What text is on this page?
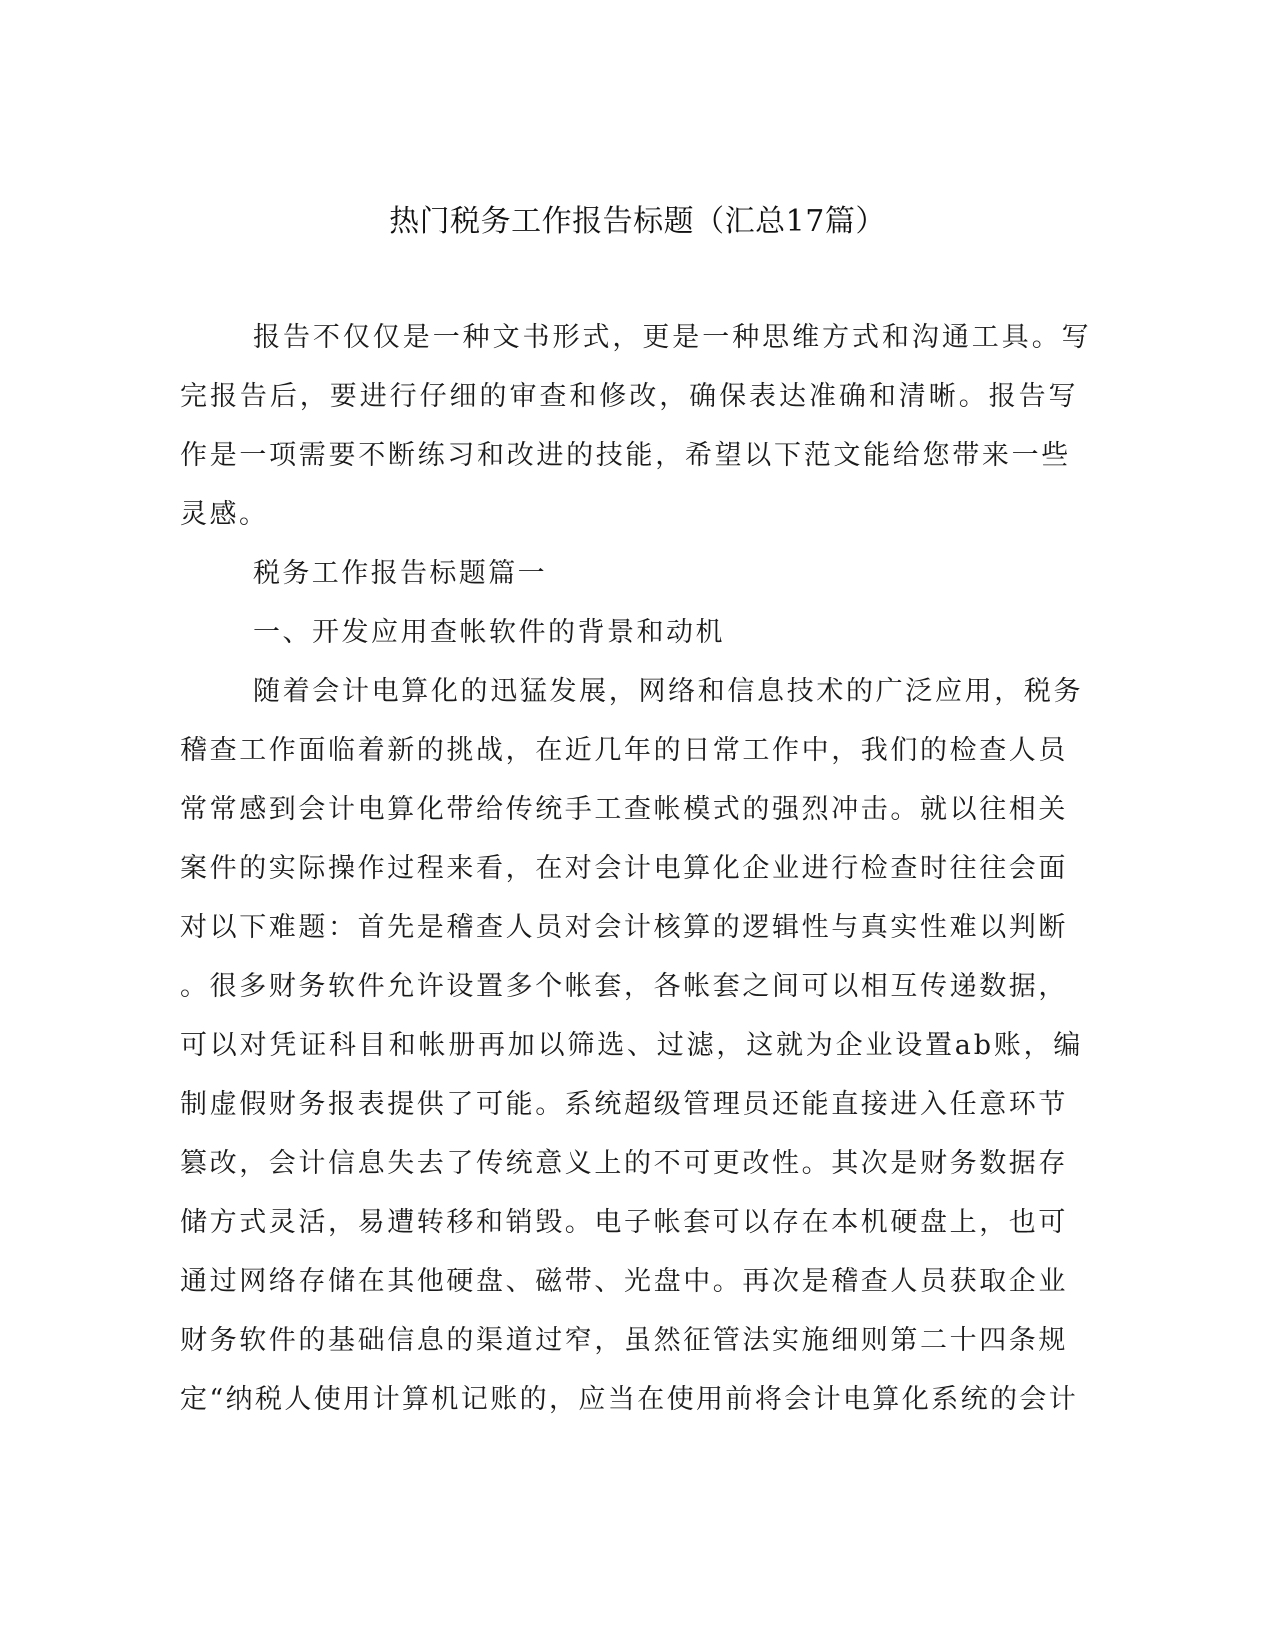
热门税务工作报告标题（汇总17篇）
报告不仅仅是一种文书形式，更是一种思维方式和沟通工具。写
完报告后，要进行仔细的审查和修改，确保表达准确和清晰。报告写
作是一项需要不断练习和改进的技能，希望以下范文能给您带来一些
灵感。
税务工作报告标题篇一
一、开发应用查帐软件的背景和动机
随着会计电算化的迅猛发展，网络和信息技术的广泛应用，税务
稽查工作面临着新的挑战，在近几年的日常工作中，我们的检查人员
常常感到会计电算化带给传统手工查帐模式的强烈冲击。就以往相关
案件的实际操作过程来看，在对会计电算化企业进行检查时往往会面
对以下难题：首先是稽查人员对会计核算的逻辑性与真实性难以判断
。很多财务软件允许设置多个帐套，各帐套之间可以相互传递数据，
可以对凭证科目和帐册再加以筛选、过滤，这就为企业设置ab账，编
制虚假财务报表提供了可能。系统超级管理员还能直接进入任意环节
篡改，会计信息失去了传统意义上的不可更改性。其次是财务数据存
储方式灵活，易遭转移和销毁。电子帐套可以存在本机硬盘上，也可
通过网络存储在其他硬盘、磁带、光盘中。再次是稽查人员获取企业
财务软件的基础信息的渠道过窄，虽然征管法实施细则第二十四条规
定“纳税人使用计算机记账的，应当在使用前将会计电算化系统的会计
